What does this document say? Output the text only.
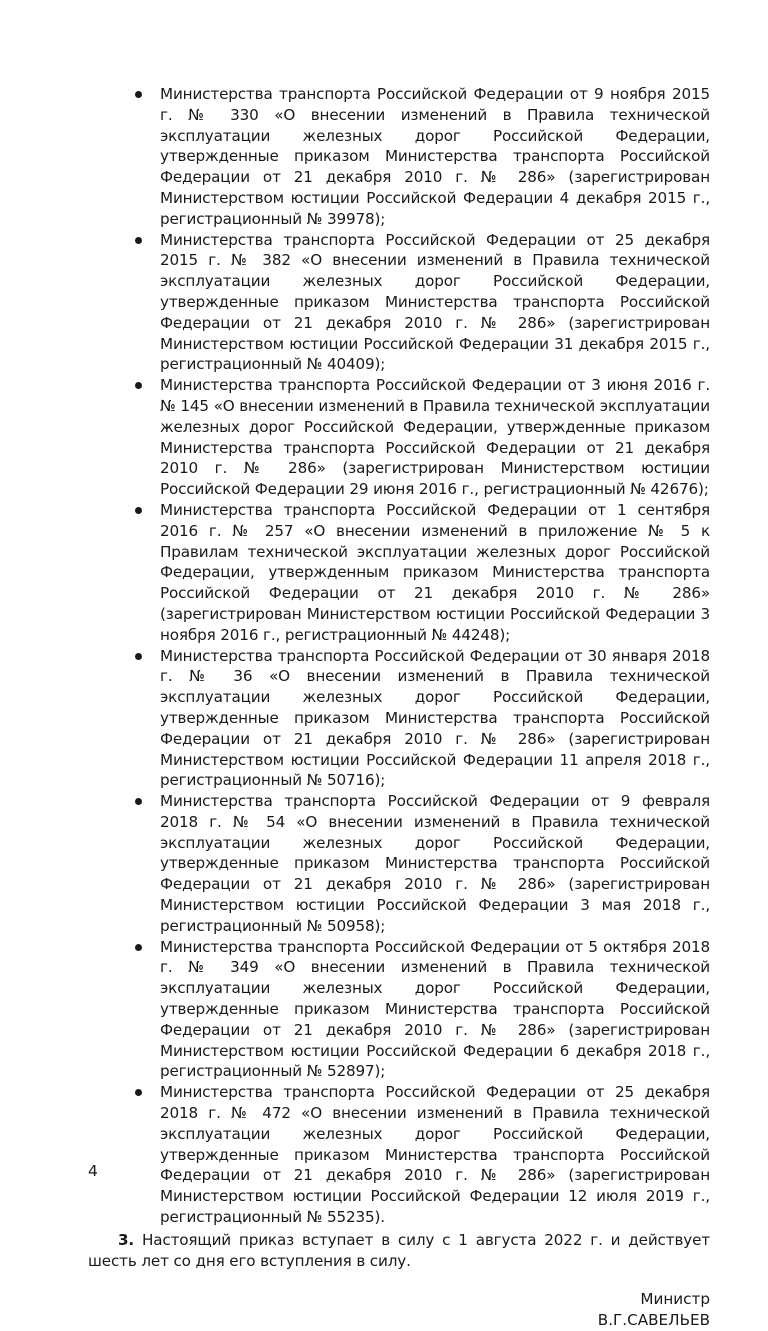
Министерства транспорта Российской Федерации от 9 ноября 2015 г. № 330 «О внесении изменений в Правила технической эксплуатации железных дорог Российской Федерации, утвержденные приказом Министерства транспорта Российской Федерации от 21 декабря 2010 г. № 286» (зарегистрирован Министерством юстиции Российской Федерации 4 декабря 2015 г., регистрационный № 39978);
Министерства транспорта Российской Федерации от 25 декабря 2015 г. № 382 «О внесении изменений в Правила технической эксплуатации железных дорог Российской Федерации, утвержденные приказом Министерства транспорта Российской Федерации от 21 декабря 2010 г. № 286» (зарегистрирован Министерством юстиции Российской Федерации 31 декабря 2015 г., регистрационный № 40409);
Министерства транспорта Российской Федерации от 3 июня 2016 г. № 145 «О внесении изменений в Правила технической эксплуатации железных дорог Российской Федерации, утвержденные приказом Министерства транспорта Российской Федерации от 21 декабря 2010 г. № 286» (зарегистрирован Министерством юстиции Российской Федерации 29 июня 2016 г., регистрационный № 42676);
Министерства транспорта Российской Федерации от 1 сентября 2016 г. № 257 «О внесении изменений в приложение № 5 к Правилам технической эксплуатации железных дорог Российской Федерации, утвержденным приказом Министерства транспорта Российской Федерации от 21 декабря 2010 г. № 286» (зарегистрирован Министерством юстиции Российской Федерации 3 ноября 2016 г., регистрационный № 44248);
Министерства транспорта Российской Федерации от 30 января 2018 г. № 36 «О внесении изменений в Правила технической эксплуатации железных дорог Российской Федерации, утвержденные приказом Министерства транспорта Российской Федерации от 21 декабря 2010 г. № 286» (зарегистрирован Министерством юстиции Российской Федерации 11 апреля 2018 г., регистрационный № 50716);
Министерства транспорта Российской Федерации от 9 февраля 2018 г. № 54 «О внесении изменений в Правила технической эксплуатации железных дорог Российской Федерации, утвержденные приказом Министерства транспорта Российской Федерации от 21 декабря 2010 г. № 286» (зарегистрирован Министерством юстиции Российской Федерации 3 мая 2018 г., регистрационный № 50958);
Министерства транспорта Российской Федерации от 5 октября 2018 г. № 349 «О внесении изменений в Правила технической эксплуатации железных дорог Российской Федерации, утвержденные приказом Министерства транспорта Российской Федерации от 21 декабря 2010 г. № 286» (зарегистрирован Министерством юстиции Российской Федерации 6 декабря 2018 г., регистрационный № 52897);
Министерства транспорта Российской Федерации от 25 декабря 2018 г. № 472 «О внесении изменений в Правила технической эксплуатации железных дорог Российской Федерации, утвержденные приказом Министерства транспорта Российской Федерации от 21 декабря 2010 г. № 286» (зарегистрирован Министерством юстиции Российской Федерации 12 июля 2019 г., регистрационный № 55235).

3. Настоящий приказ вступает в силу с 1 августа 2022 г. и действует шесть лет со дня его вступления в силу.

Министр
В.Г.САВЕЛЬЕВ
4
